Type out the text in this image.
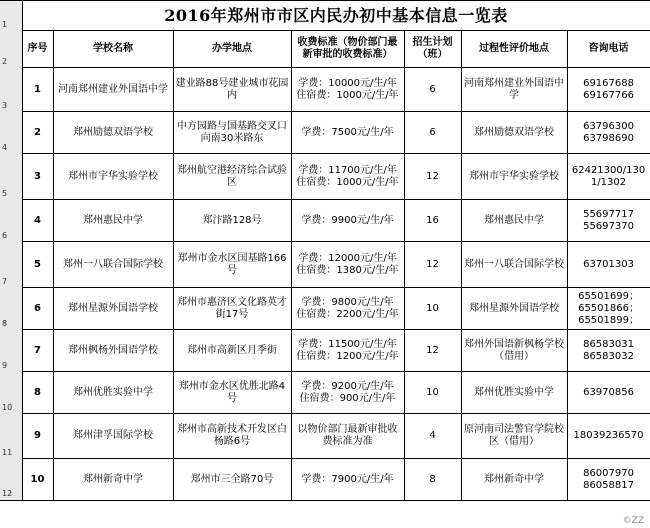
1	2016年郑州市市区内民办初中基本信息一览表						
2	序号	学校名称	办学地点	收费标准（物价部门最新审批的收费标准）	招生计划（班）	过程性评价地点	咨询电话
3	1	河南郑州建业外国语中学	建业路88号建业城市花园内	学费：10000元/生/年
住宿费：1000元/生/年	6	河南郑州建业外国语中学	69167688
69167766
4	2	郑州励德双语学校	中方园路与国基路交叉口向南30米路东	学费：7500元/生/年	6	郑州励德双语学校	63796300
63798690
5	3	郑州市宇华实验学校	郑州航空港经济综合试验区	学费：11700元/生/年
住宿费：1000元/生/年	12	郑州市宇华实验学校	62421300/1301/1302
6	4	郑州惠民中学	郑汴路128号	学费：9900元/生/年	16	郑州惠民中学	55697717
55697370
7	5	郑州一八联合国际学校	郑州市金水区国基路166号	学费：12000元/生/年
住宿费：1380元/生/年	12	郑州一八联合国际学校	63701303
8	6	郑州星源外国语学校	郑州市惠济区文化路英才街17号	学费：9800元/生/年
住宿费：2200元/生/年	10	郑州星源外国语学校	65501699；
65501866；
65501899；
9	7	郑州枫杨外国语学校	郑州市高新区月季街	学费：11500元/生/年
住宿费：1200元/生/年	12	郑州外国语新枫杨学校（借用）	86583031
86583032
10	8	郑州优胜实验中学	郑州市金水区优胜北路4号	学费：9200元/生/年
住宿费：900元/生/年	10	郑州优胜实验中学	63970856
11	9	郑州津孚国际学校	郑州市高新技术开发区白杨路6号	以物价部门最新审批收费标准为准	4	原河南司法警官学院校区（借用）	18039236570
12	10	郑州新奇中学	郑州市三全路70号	学费：7900元/生/年	8	郑州新奇中学	86007970
86058817
©ZZ
